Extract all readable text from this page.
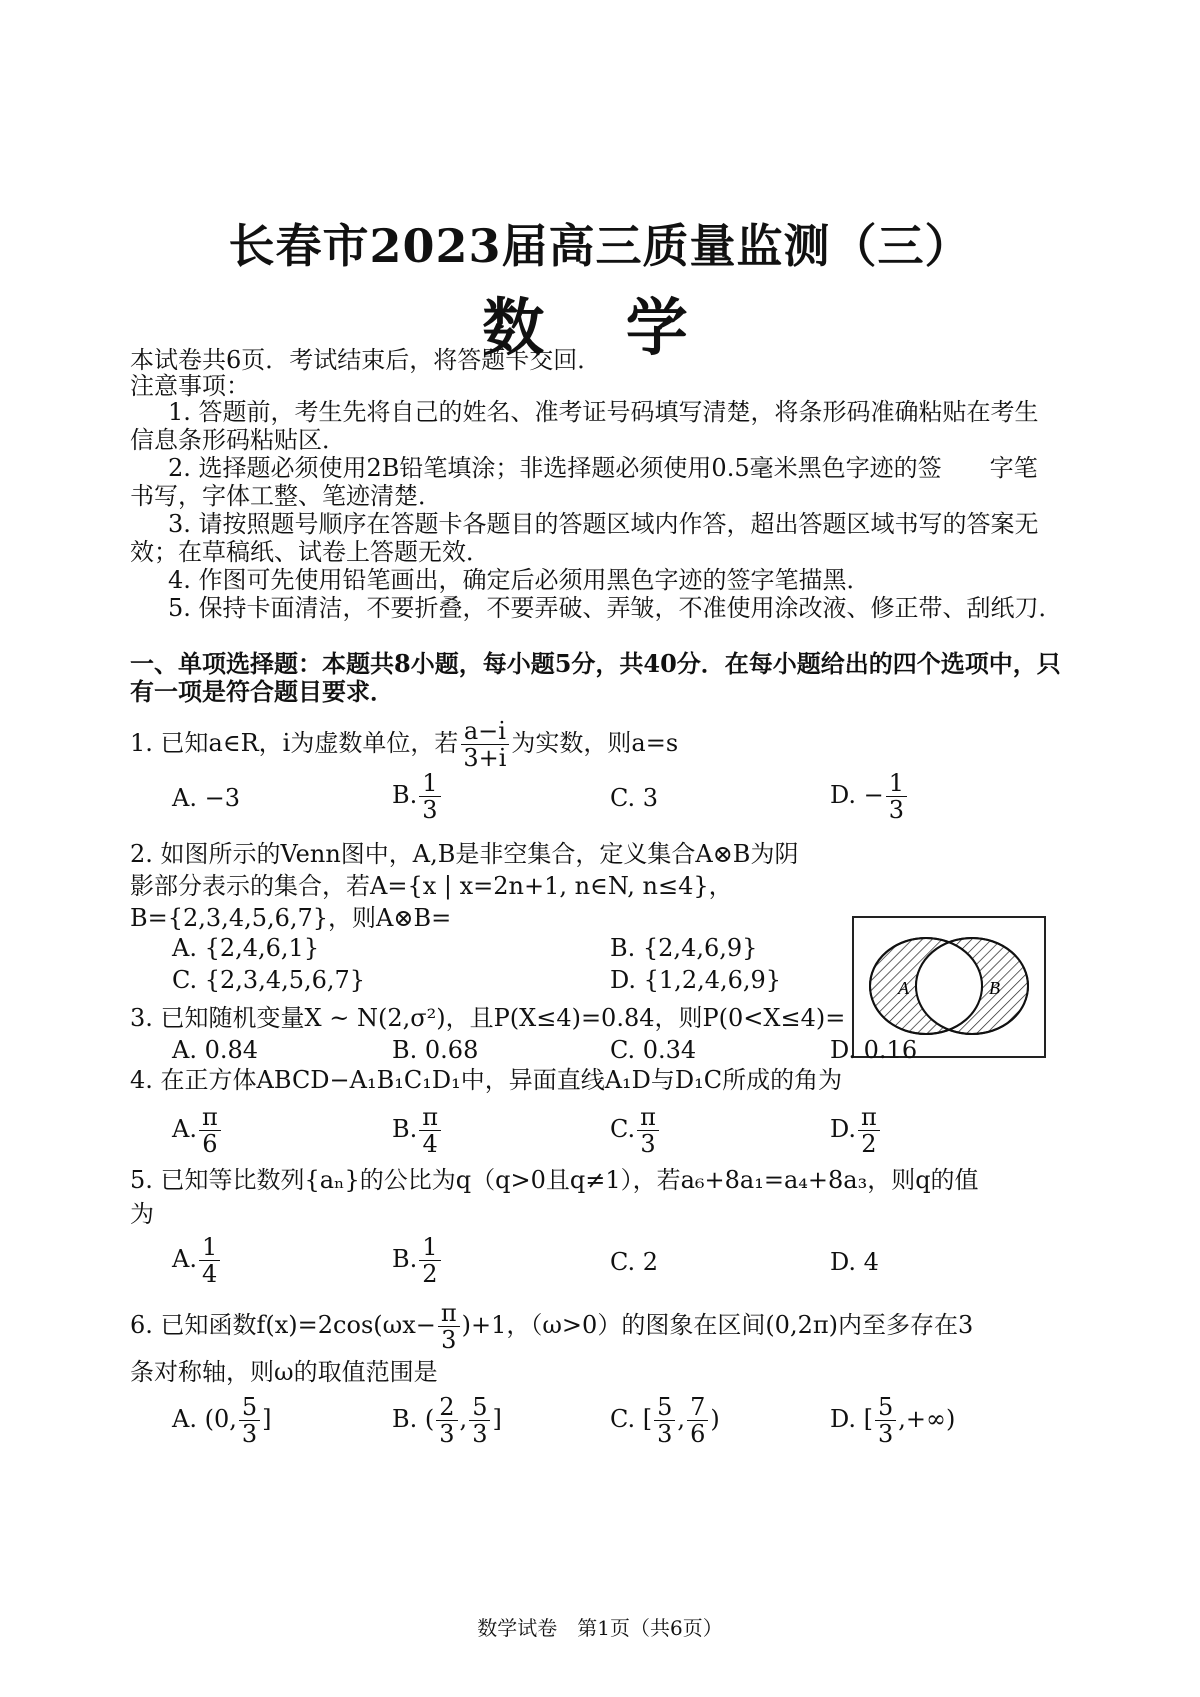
长春市2023届高三质量监测（三）
数 学
本试卷共6页．考试结束后，将答题卡交回．
注意事项：
1. 答题前，考生先将自己的姓名、准考证号码填写清楚，将条形码准确粘贴在考生
信息条形码粘贴区．
2. 选择题必须使用2B铅笔填涂；非选择题必须使用0.5毫米黑色字迹的签　　字笔
书写，字体工整、笔迹清楚．
3. 请按照题号顺序在答题卡各题目的答题区域内作答，超出答题区域书写的答案无
效；在草稿纸、试卷上答题无效．
4. 作图可先使用铅笔画出，确定后必须用黑色字迹的签字笔描黑．
5. 保持卡面清洁，不要折叠，不要弄破、弄皱，不准使用涂改液、修正带、刮纸刀．
一、单项选择题：本题共8小题，每小题5分，共40分．在每小题给出的四个选项中，只
有一项是符合题目要求．
1. 已知a∈R，i为虚数单位，若 $\frac{a-i}{3+i}$ 为实数，则a=s
A. −3	B. $\frac{1}{3}$	C. 3	D. − $\frac{1}{3}$
2. 如图所示的Venn图中，A,B是非空集合，定义集合A⊗B为阴
影部分表示的集合，若A={x | x=2n+1, n∈N, n≤4}，
B={2,3,4,5,6,7}，则A⊗B=
A. {2,4,6,1}	B. {2,4,6,9}
C. {2,3,4,5,6,7}	D. {1,2,4,6,9}	A	B
3. 已知随机变量X ~ N(2,σ²)，且P(X≤4)=0.84，则P(0<X≤4)=
A. 0.84	B. 0.68	C. 0.34	D. 0.16
4. 在正方体ABCD−A₁B₁C₁D₁中，异面直线A₁D与D₁C所成的角为
A. $\frac{\pi}{6}$	B. $\frac{\pi}{4}$	C. $\frac{\pi}{3}$	D. $\frac{\pi}{2}$
5. 已知等比数列{aₙ}的公比为q（q>0且q≠1），若a₆+8a₁=a₄+8a₃，则q的值
为
A. $\frac{1}{4}$	B. $\frac{1}{2}$	C. 2	D. 4
6. 已知函数$f(x)=2\cos(\omega x- \frac{\pi}{3} )+1$，（ω>0）的图象在区间(0,2π)内至多存在3
条对称轴，则ω的取值范围是
A. (0, $\frac{5}{3}$ ]	B. ( $\frac{2}{3}$ , $\frac{5}{3}$ ]	C. [ $\frac{5}{3}$ , $\frac{7}{6}$ )	D. [ $\frac{5}{3}$ ,+∞)
数学试卷　第1页（共6页）
